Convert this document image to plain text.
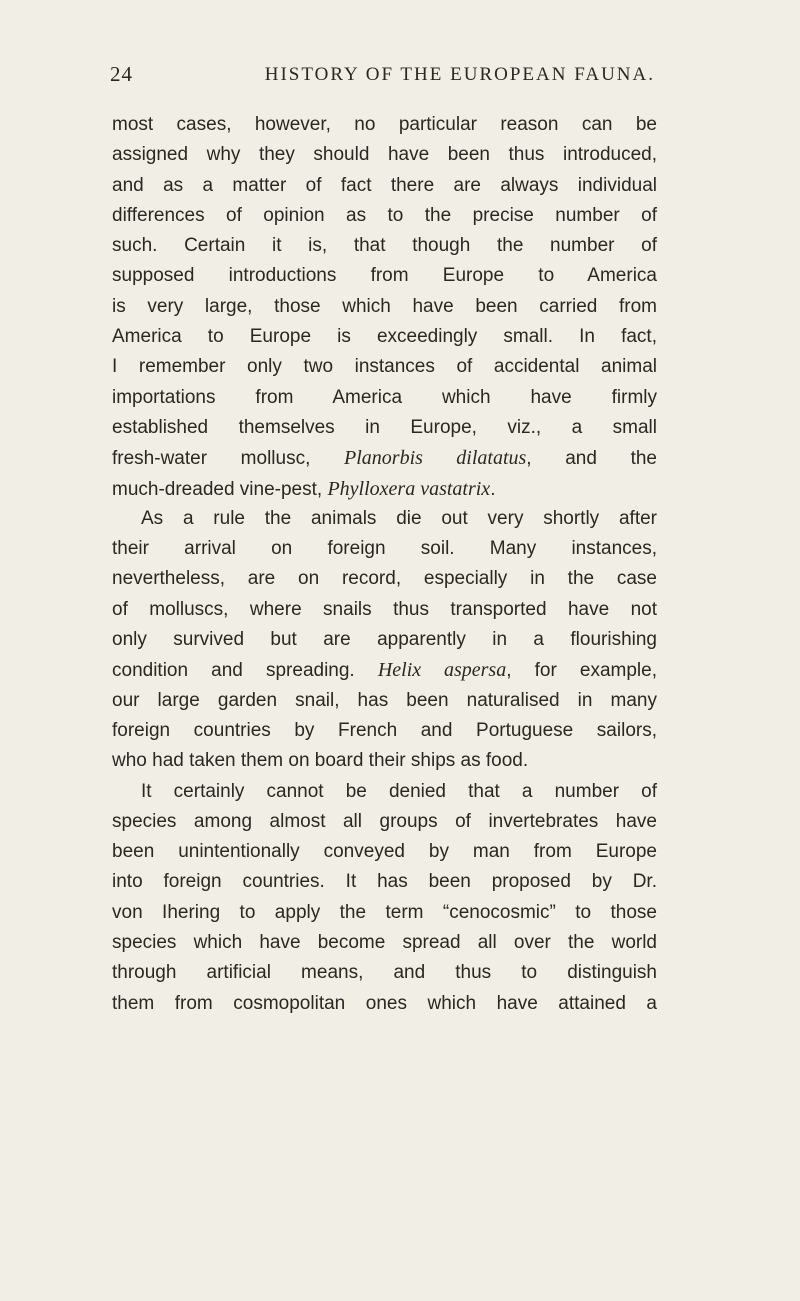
24	HISTORY OF THE EUROPEAN FAUNA.
most cases, however, no particular reason can be
assigned why they should have been thus introduced,
and as a matter of fact there are always individual
differences of opinion as to the precise number of
such. Certain it is, that though the number of
supposed introductions from Europe to America
is very large, those which have been carried from
America to Europe is exceedingly small. In fact,
I remember only two instances of accidental animal
importations from America which have firmly
established themselves in Europe, viz., a small
fresh-water mollusc, Planorbis dilatatus, and the
much-dreaded vine-pest, Phylloxera vastatrix.
As a rule the animals die out very shortly after
their arrival on foreign soil. Many instances,
nevertheless, are on record, especially in the case
of molluscs, where snails thus transported have not
only survived but are apparently in a flourishing
condition and spreading. Helix aspersa, for example,
our large garden snail, has been naturalised in many
foreign countries by French and Portuguese sailors,
who had taken them on board their ships as food.
It certainly cannot be denied that a number of
species among almost all groups of invertebrates have
been unintentionally conveyed by man from Europe
into foreign countries. It has been proposed by Dr.
von Ihering to apply the term “cenocosmic” to those
species which have become spread all over the world
through artificial means, and thus to distinguish
them from cosmopolitan ones which have attained a
